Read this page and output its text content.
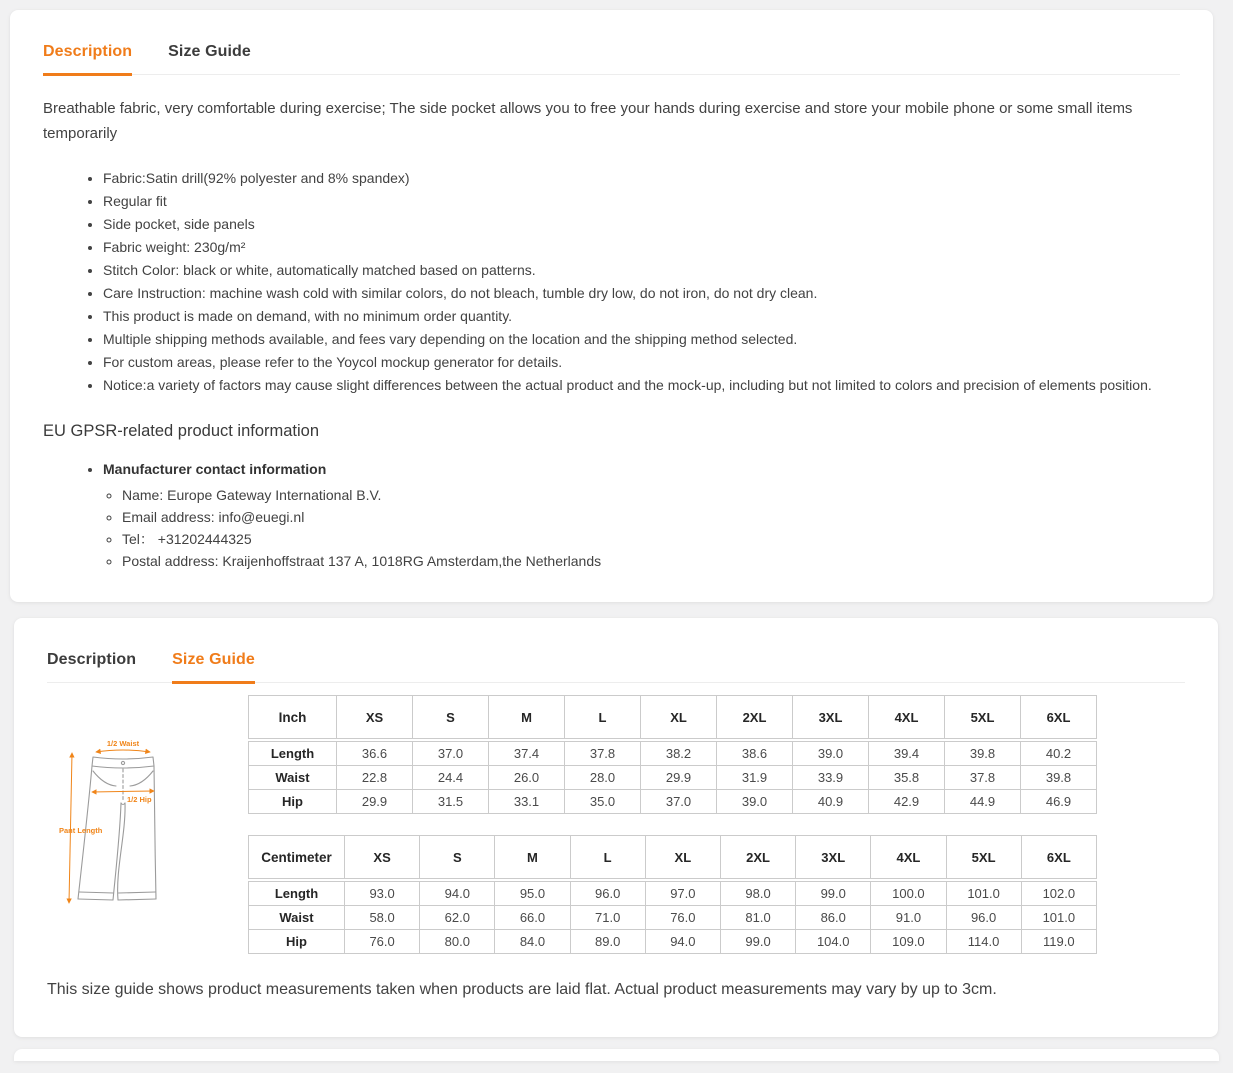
Description Size Guide

Breathable fabric, very comfortable during exercise; The side pocket allows you to free your hands during exercise and store your mobile phone or some small items temporarily

• Fabric:Satin drill(92% polyester and 8% spandex)
• Regular fit
• Side pocket, side panels
• Fabric weight: 230g/m²
• Stitch Color: black or white, automatically matched based on patterns.
• Care Instruction: machine wash cold with similar colors, do not bleach, tumble dry low, do not iron, do not dry clean.
• This product is made on demand, with no minimum order quantity.
• Multiple shipping methods available, and fees vary depending on the location and the shipping method selected.
• For custom areas, please refer to the Yoycol mockup generator for details.
• Notice:a variety of factors may cause slight differences between the actual product and the mock-up, including but not limited to colors and precision of elements position.
EU GPSR-related product information
• Manufacturer contact information
◦ Name: Europe Gateway International B.V.
◦ Email address: info@euegi.nl
◦ Tel： +31202444325
◦ Postal address: Kraijenhoffstraat 137 A, 1018RG Amsterdam,the Netherlands
Description Size Guide
1/2 Waist
1/2 Hip
Pant Length
Inch	XS	S	M	L	XL	2XL	3XL	4XL	5XL	6XL

Length	36.6	37.0	37.4	37.8	38.2	38.6	39.0	39.4	39.8	40.2
Waist	22.8	24.4	26.0	28.0	29.9	31.9	33.9	35.8	37.8	39.8
Hip	29.9	31.5	33.1	35.0	37.0	39.0	40.9	42.9	44.9	46.9
Centimeter	XS	S	M	L	XL	2XL	3XL	4XL	5XL	6XL

Length	93.0	94.0	95.0	96.0	97.0	98.0	99.0	100.0	101.0	102.0
Waist	58.0	62.0	66.0	71.0	76.0	81.0	86.0	91.0	96.0	101.0
Hip	76.0	80.0	84.0	89.0	94.0	99.0	104.0	109.0	114.0	119.0

This size guide shows product measurements taken when products are laid flat. Actual product measurements may vary by up to 3cm.
